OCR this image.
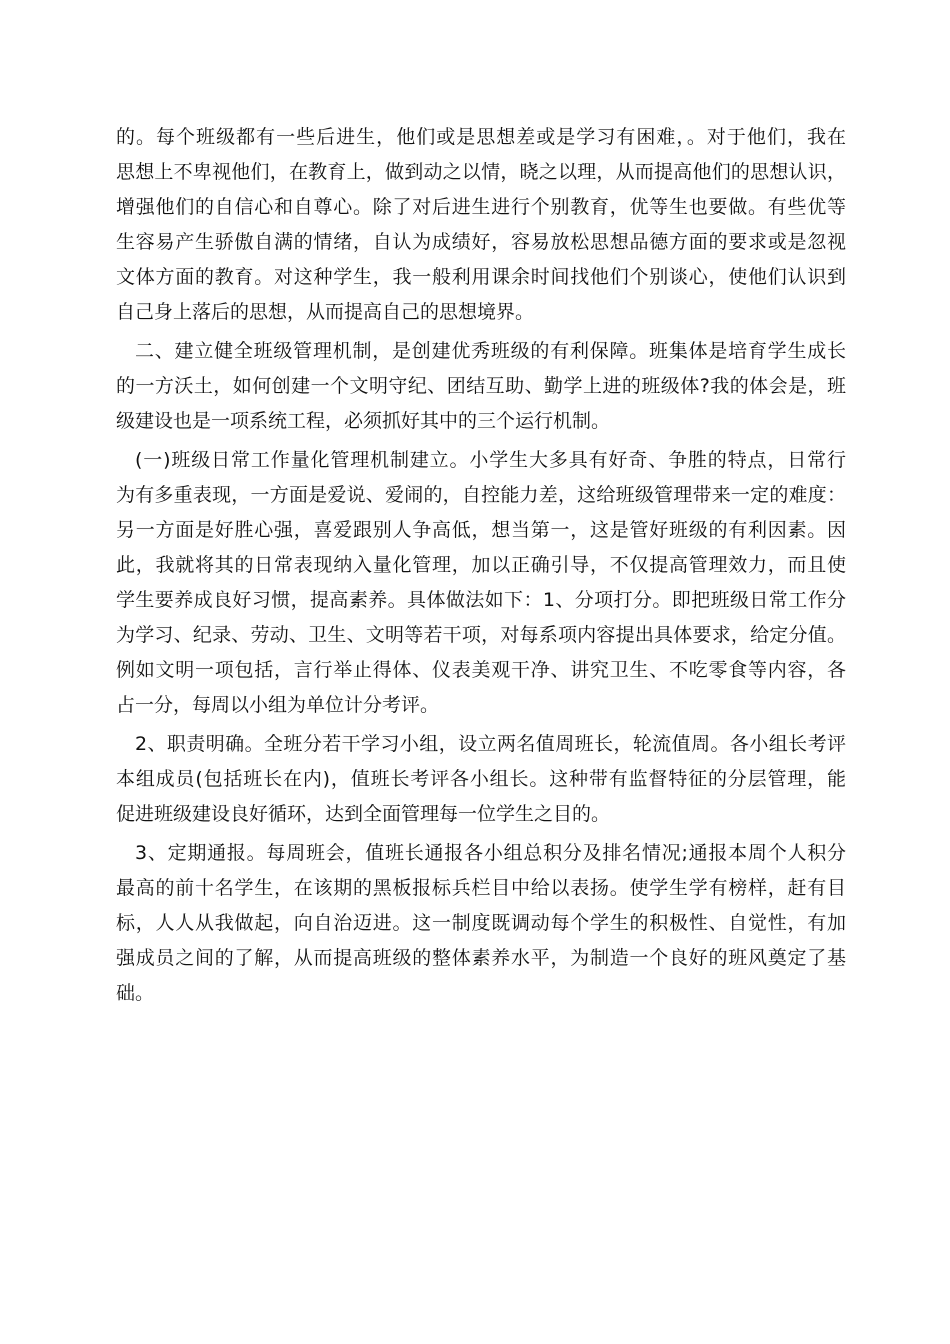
的。每个班级都有一些后进生，他们或是思想差或是学习有困难，。对于他们，我在
思想上不卑视他们，在教育上，做到动之以情，晓之以理，从而提高他们的思想认识，
增强他们的自信心和自尊心。除了对后进生进行个别教育，优等生也要做。有些优等
生容易产生骄傲自满的情绪，自认为成绩好，容易放松思想品德方面的要求或是忽视
文体方面的教育。对这种学生，我一般利用课余时间找他们个别谈心，使他们认识到
自己身上落后的思想，从而提高自己的思想境界。
二、建立健全班级管理机制，是创建优秀班级的有利保障。班集体是培育学生成长
的一方沃土，如何创建一个文明守纪、团结互助、勤学上进的班级体?我的体会是，班
级建设也是一项系统工程，必须抓好其中的三个运行机制。
(一)班级日常工作量化管理机制建立。小学生大多具有好奇、争胜的特点，日常行
为有多重表现，一方面是爱说、爱闹的，自控能力差，这给班级管理带来一定的难度：
另一方面是好胜心强，喜爱跟别人争高低，想当第一，这是管好班级的有利因素。因
此，我就将其的日常表现纳入量化管理，加以正确引导，不仅提高管理效力，而且使
学生要养成良好习惯，提高素养。具体做法如下：1、分项打分。即把班级日常工作分
为学习、纪录、劳动、卫生、文明等若干项，对每系项内容提出具体要求，给定分值。
例如文明一项包括，言行举止得体、仪表美观干净、讲究卫生、不吃零食等内容，各
占一分，每周以小组为单位计分考评。
2、职责明确。全班分若干学习小组，设立两名值周班长，轮流值周。各小组长考评
本组成员(包括班长在内)，值班长考评各小组长。这种带有监督特征的分层管理，能
促进班级建设良好循环，达到全面管理每一位学生之目的。
3、定期通报。每周班会，值班长通报各小组总积分及排名情况;通报本周个人积分
最高的前十名学生，在该期的黑板报标兵栏目中给以表扬。使学生学有榜样，赶有目
标，人人从我做起，向自治迈进。这一制度既调动每个学生的积极性、自觉性，有加
强成员之间的了解，从而提高班级的整体素养水平，为制造一个良好的班风奠定了基
础。
